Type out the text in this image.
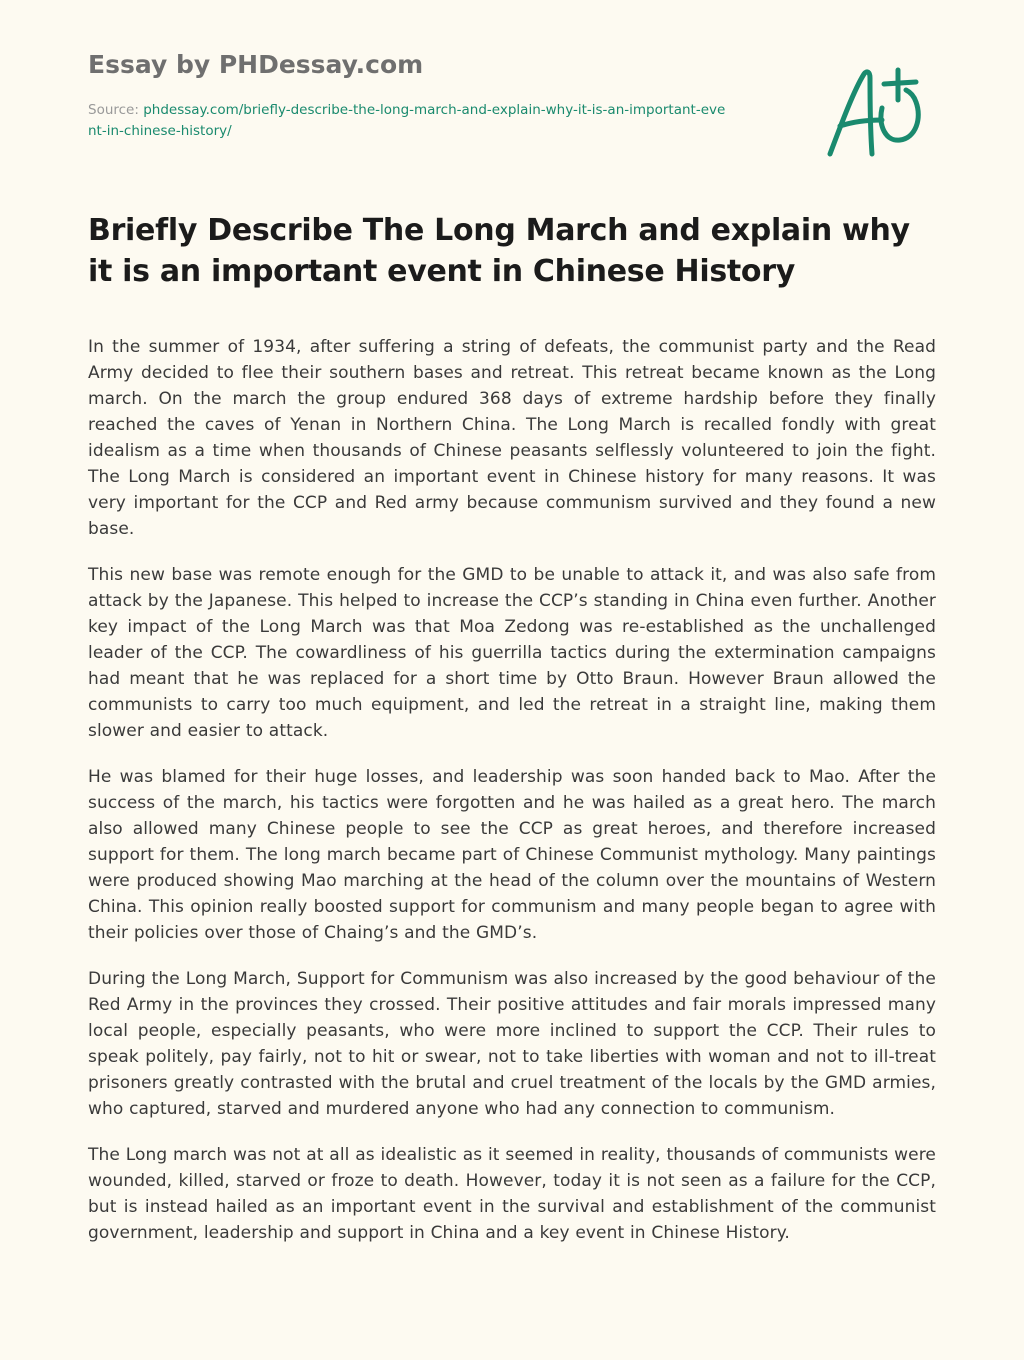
Essay by PHDessay.com
Source: phdessay.com/briefly-describe-the-long-march-and-explain-why-it-is-an-important-event-in-chinese-history/
Briefly Describe The Long March and explain why it is an important event in Chinese History

In the summer of 1934, after suffering a string of defeats, the communist party and the Read Army decided to flee their southern bases and retreat. This retreat became known as the Long march. On the march the group endured 368 days of extreme hardship before they finally reached the caves of Yenan in Northern China. The Long March is recalled fondly with great idealism as a time when thousands of Chinese peasants selflessly volunteered to join the fight. The Long March is considered an important event in Chinese history for many reasons. It was very important for the CCP and Red army because communism survived and they found a new base.

This new base was remote enough for the GMD to be unable to attack it, and was also safe from attack by the Japanese. This helped to increase the CCP’s standing in China even further. Another key impact of the Long March was that Moa Zedong was re-established as the unchallenged leader of the CCP. The cowardliness of his guerrilla tactics during the extermination campaigns had meant that he was replaced for a short time by Otto Braun. However Braun allowed the communists to carry too much equipment, and led the retreat in a straight line, making them slower and easier to attack.

He was blamed for their huge losses, and leadership was soon handed back to Mao. After the success of the march, his tactics were forgotten and he was hailed as a great hero. The march also allowed many Chinese people to see the CCP as great heroes, and therefore increased support for them. The long march became part of Chinese Communist mythology. Many paintings were produced showing Mao marching at the head of the column over the mountains of Western China. This opinion really boosted support for communism and many people began to agree with their policies over those of Chaing’s and the GMD’s.

During the Long March, Support for Communism was also increased by the good behaviour of the Red Army in the provinces they crossed. Their positive attitudes and fair morals impressed many local people, especially peasants, who were more inclined to support the CCP. Their rules to speak politely, pay fairly, not to hit or swear, not to take liberties with woman and not to ill-treat prisoners greatly contrasted with the brutal and cruel treatment of the locals by the GMD armies, who captured, starved and murdered anyone who had any connection to communism.

The Long march was not at all as idealistic as it seemed in reality, thousands of communists were wounded, killed, starved or froze to death. However, today it is not seen as a failure for the CCP, but is instead hailed as an important event in the survival and establishment of the communist government, leadership and support in China and a key event in Chinese History.
